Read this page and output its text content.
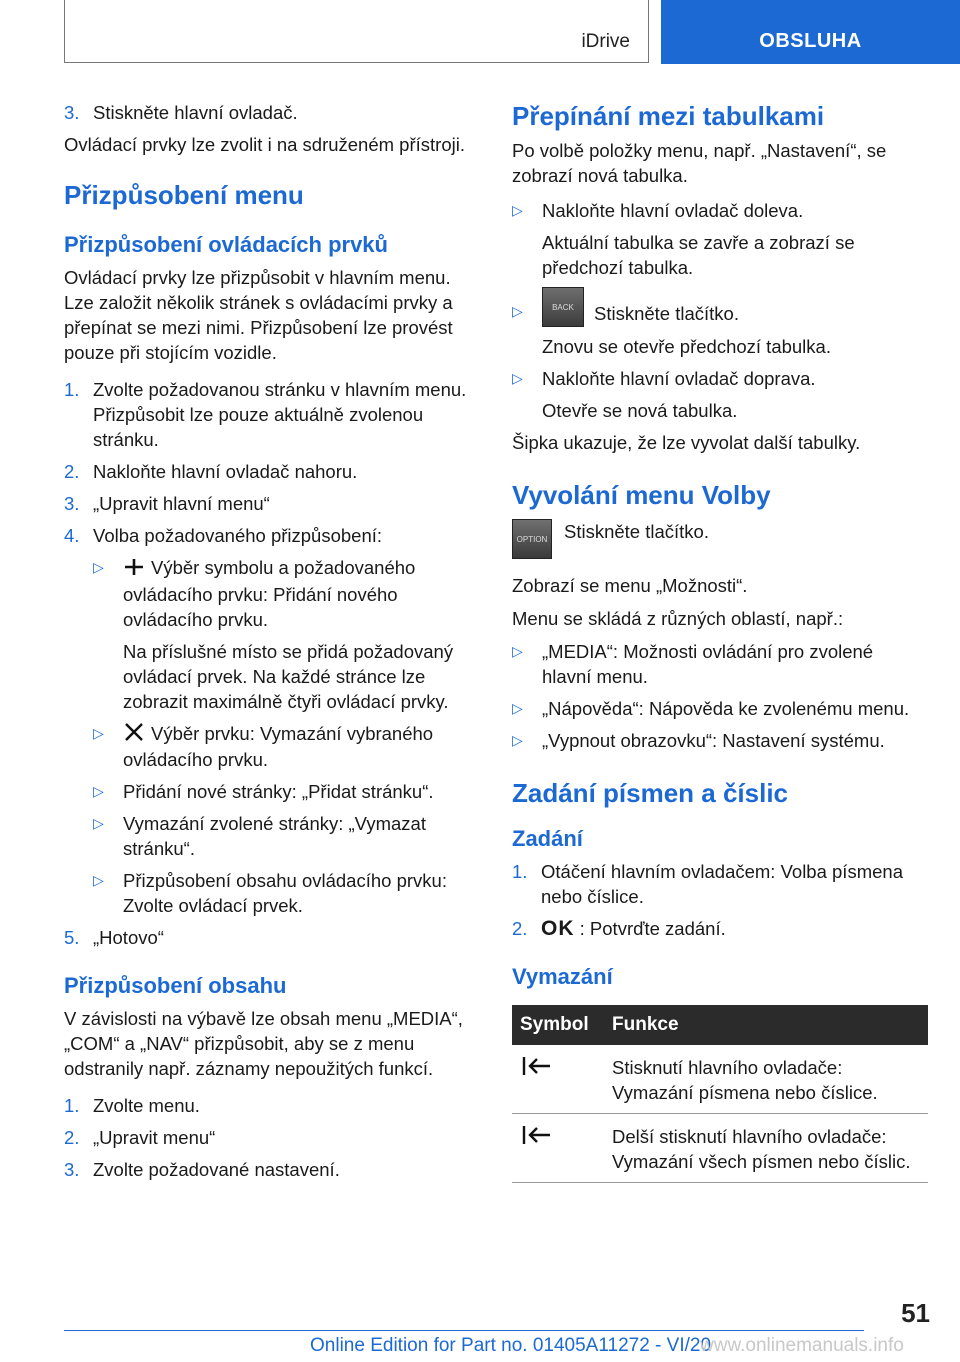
iDrive	OBSLUHA
3. Stiskněte hlavní ovladač.

Ovládací prvky lze zvolit i na sdruženém přístroji.

Přizpůsobení menu
Přizpůsobení ovládacích prvků

Ovládací prvky lze přizpůsobit v hlavním menu. Lze založit několik stránek s ovládacími prvky a přepínat se mezi nimi. Přizpůsobení lze provést pouze při stojícím vozidle.

1. Zvolte požadovanou stránku v hlavním menu. Přizpůsobit lze pouze aktuálně zvolenou stránku.

2. Nakloňte hlavní ovladač nahoru.

3. „Upravit hlavní menu“

4. Volba požadovaného přizpůsobení:

▷	Výběr symbolu a požadovaného ovládacího prvku: Přidání nového ovládacího prvku.

Na příslušné místo se přidá požadovaný ovládací prvek. Na každé stránce lze zobrazit maximálně čtyři ovládací prvky.

▷	Výběr prvku: Vymazání vybraného ovládacího prvku.

▷	Přidání nové stránky: „Přidat stránku“.

▷	Vymazání zvolené stránky: „Vymazat stránku“.

▷	Přizpůsobení obsahu ovládacího prvku: Zvolte ovládací prvek.

5. „Hotovo“

Přizpůsobení obsahu

V závislosti na výbavě lze obsah menu „MEDIA“, „COM“ a „NAV“ přizpůsobit, aby se z menu odstranily např. záznamy nepoužitých funkcí.

1. Zvolte menu.

2. „Upravit menu“

3. Zvolte požadované nastavení.

Přepínání mezi tabulkami

Po volbě položky menu, např. „Nastavení“, se zobrazí nová tabulka.

▷	Nakloňte hlavní ovladač doleva.

Aktuální tabulka se zavře a zobrazí se předchozí tabulka.

▷	BACK Stiskněte tlačítko.

Znovu se otevře předchozí tabulka.

▷	Nakloňte hlavní ovladač doprava.

Otevře se nová tabulka.

Šipka ukazuje, že lze vyvolat další tabulky.

Vyvolání menu Volby
OPTION Stiskněte tlačítko.

Zobrazí se menu „Možnosti“.

Menu se skládá z různých oblastí, např.:

▷	„MEDIA“: Možnosti ovládání pro zvolené hlavní menu.

▷	„Nápověda“: Nápověda ke zvolenému menu.

▷	„Vypnout obrazovku“: Nastavení systému.

Zadání písmen a číslic
Zadání
1. Otáčení hlavním ovladačem: Volba písmena nebo číslice.

2. OK : Potvrďte zadání.

Vymazání
Symbol	Funkce
	Stisknutí hlavního ovladače: Vymazání písmena nebo číslice.
	Delší stisknutí hlavního ovladače: Vymazání všech písmen nebo číslic.
51
Online Edition for Part no. 01405A11272 - VI/20
www.onlinemanuals.info
